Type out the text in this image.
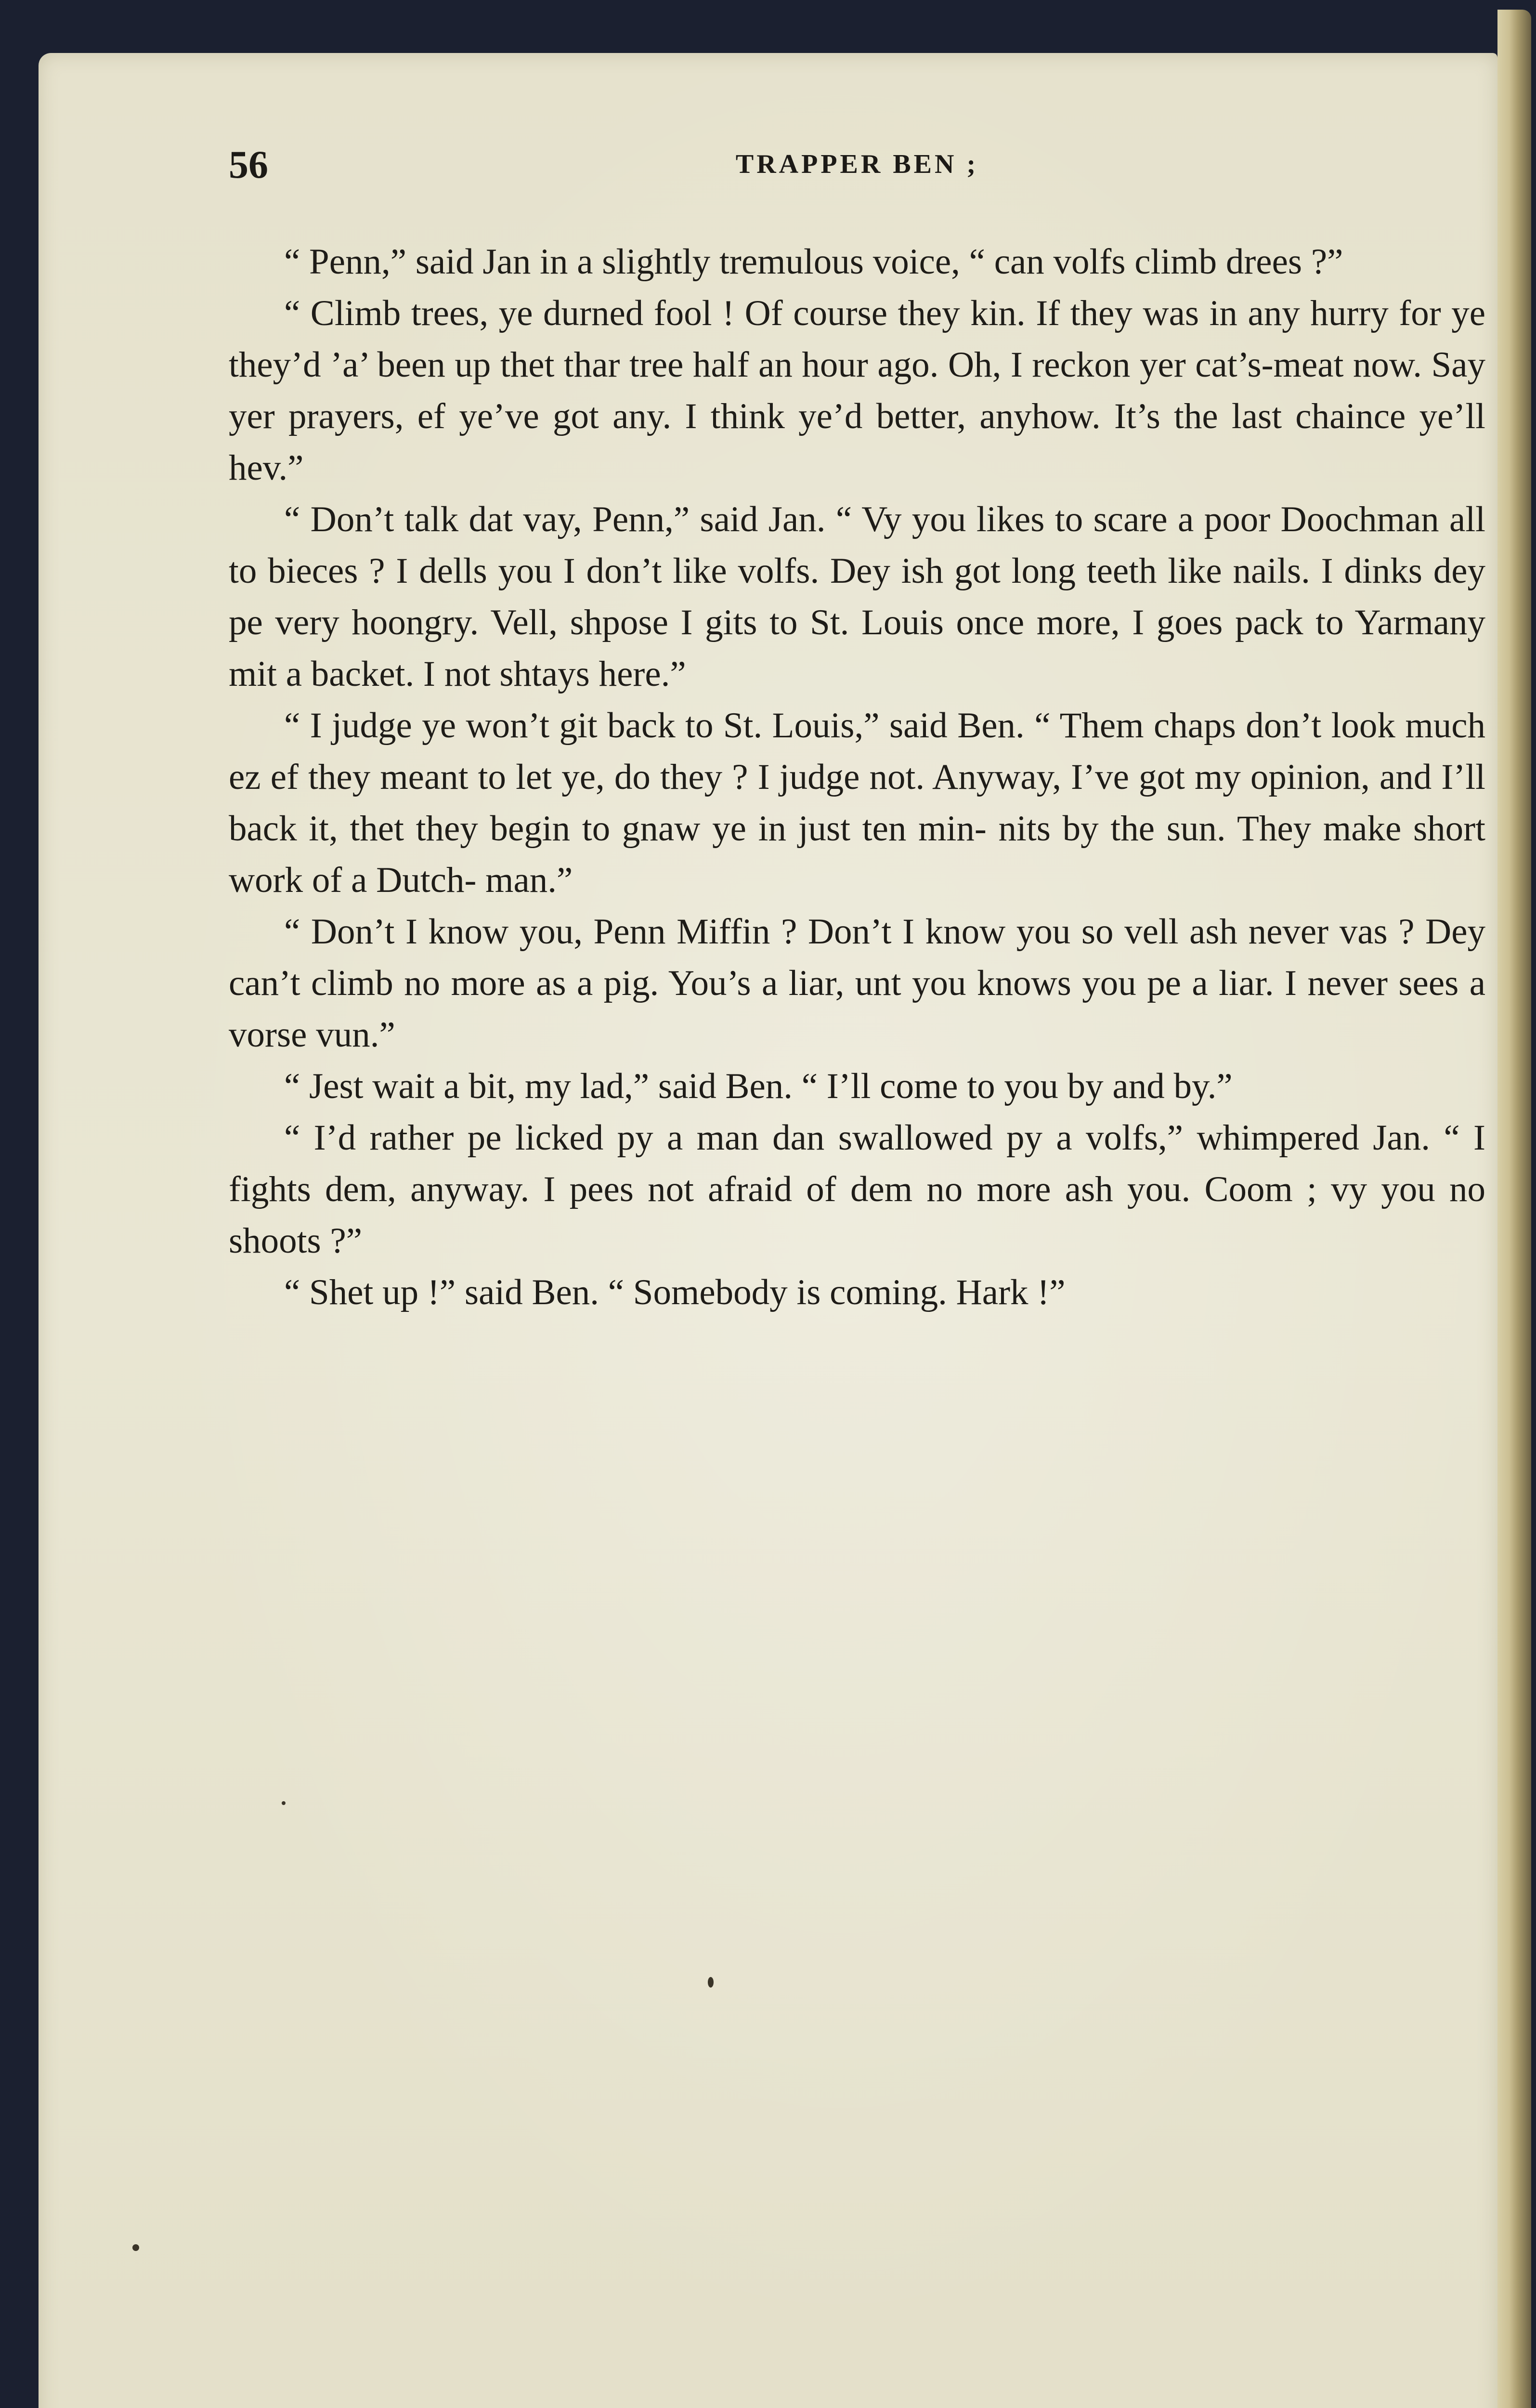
56	TRAPPER BEN ;

“ Penn,” said Jan in a slightly tremulous voice, “ can volfs climb drees ?”

“ Climb trees, ye durned fool ! Of course they kin. If they was in any hurry for ye they’d ’a’ been up thet thar tree half an hour ago. Oh, I reckon yer cat’s-meat now. Say yer prayers, ef ye’ve got any. I think ye’d better, anyhow. It’s the last chaince ye’ll hev.”

“ Don’t talk dat vay, Penn,” said Jan. “ Vy you likes to scare a poor Doochman all to bieces ? I dells you I don’t like volfs. Dey ish got long teeth like nails. I dinks dey pe very hoongry. Vell, shpose I gits to St. Louis once more, I goes pack to Yarmany mit a backet. I not shtays here.”

“ I judge ye won’t git back to St. Louis,” said Ben. “ Them chaps don’t look much ez ef they meant to let ye, do they ? I judge not. Anyway, I’ve got my opinion, and I’ll back it, thet they begin to gnaw ye in just ten min- nits by the sun. They make short work of a Dutch- man.”

“ Don’t I know you, Penn Miffin ? Don’t I know you so vell ash never vas ? Dey can’t climb no more as a pig. You’s a liar, unt you knows you pe a liar. I never sees a vorse vun.”

“ Jest wait a bit, my lad,” said Ben. “ I’ll come to you by and by.”

“ I’d rather pe licked py a man dan swallowed py a volfs,” whimpered Jan. “ I fights dem, anyway. I pees not afraid of dem no more ash you. Coom ; vy you no shoots ?”

“ Shet up !” said Ben. “ Somebody is coming. Hark !”
